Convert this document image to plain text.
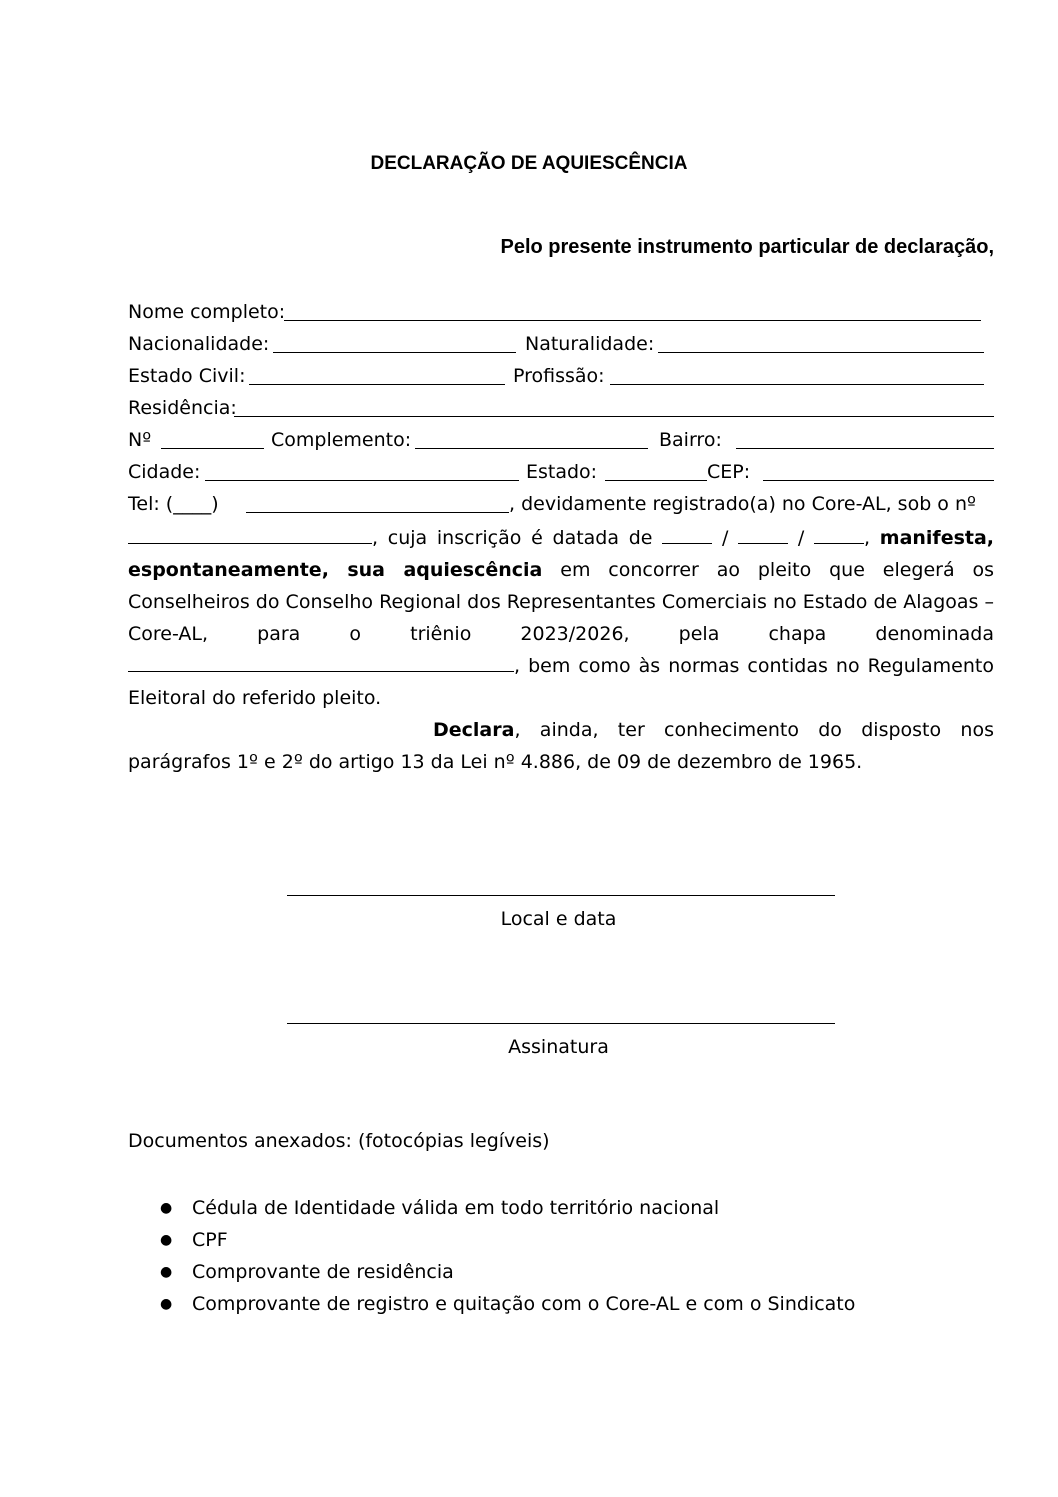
DECLARAÇÃO DE AQUIESCÊNCIA
Pelo presente instrumento particular de declaração,
Nome completo:
Nacionalidade:	Naturalidade:
Estado Civil:	Profissão:
Residência:
Nº	Complemento:	Bairro:
Cidade:	Estado:	CEP:
Tel: (____)	, devidamente registrado(a) no Core-AL, sob o nº
, cuja inscrição é datada de	/	/	, manifesta, espontaneamente, sua aquiescência em concorrer ao pleito que elegerá os Conselheiros do Conselho Regional dos Representantes Comerciais no Estado de Alagoas – Core-AL, para o triênio 2023/2026, pela chapa denominada , bem como às normas contidas no Regulamento Eleitoral do referido pleito.
Declara, ainda, ter conhecimento do disposto nos parágrafos 1º e 2º do artigo 13 da Lei nº 4.886, de 09 de dezembro de 1965.
Local e data
Assinatura
Documentos anexados: (fotocópias legíveis)
● Cédula de Identidade válida em todo território nacional
● CPF
● Comprovante de residência
● Comprovante de registro e quitação com o Core-AL e com o Sindicato
